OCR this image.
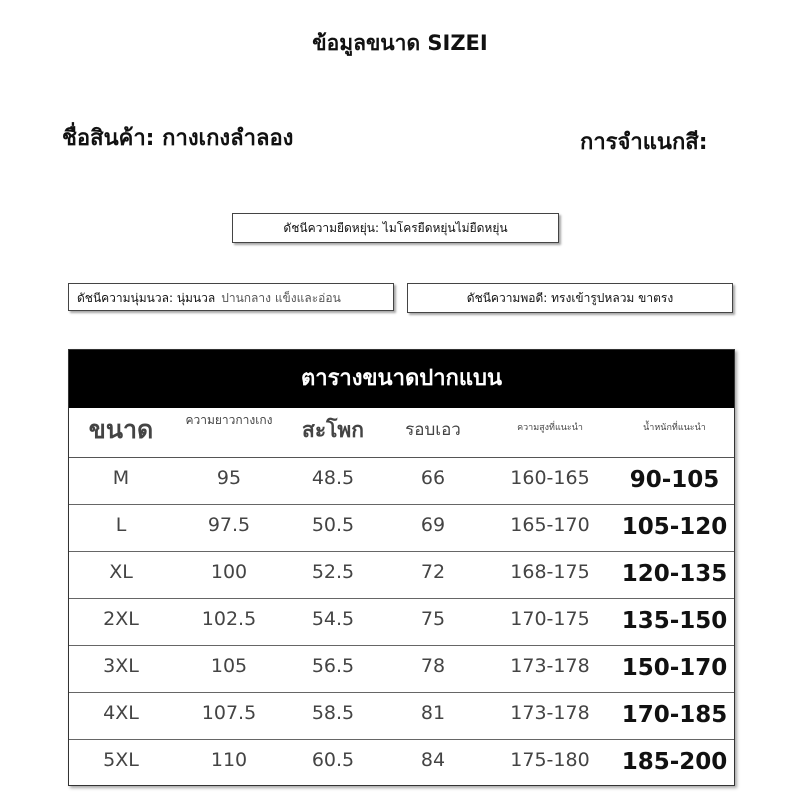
ข้อมูลขนาด SIZEI
ชื่อสินค้า: กางเกงลำลอง	การจำแนกสี:
ดัชนีความยืดหยุ่น: ไมโครยืดหยุ่นไม่ยืดหยุ่น
ดัชนีความนุ่มนวล: นุ่มนวล ปานกลาง แข็งและอ่อน	ดัชนีความพอดี: ทรงเข้ารูปหลวม ขาตรง
ตารางขนาดปากแบน
ขนาด	ความยาวกางเกง	สะโพก	รอบเอว	ความสูงที่แนะนำ	น้ำหนักที่แนะนำ
M	95	48.5	66	160-165	90-105
L	97.5	50.5	69	165-170	105-120
XL	100	52.5	72	168-175	120-135
2XL	102.5	54.5	75	170-175	135-150
3XL	105	56.5	78	173-178	150-170
4XL	107.5	58.5	81	173-178	170-185
5XL	110	60.5	84	175-180	185-200
